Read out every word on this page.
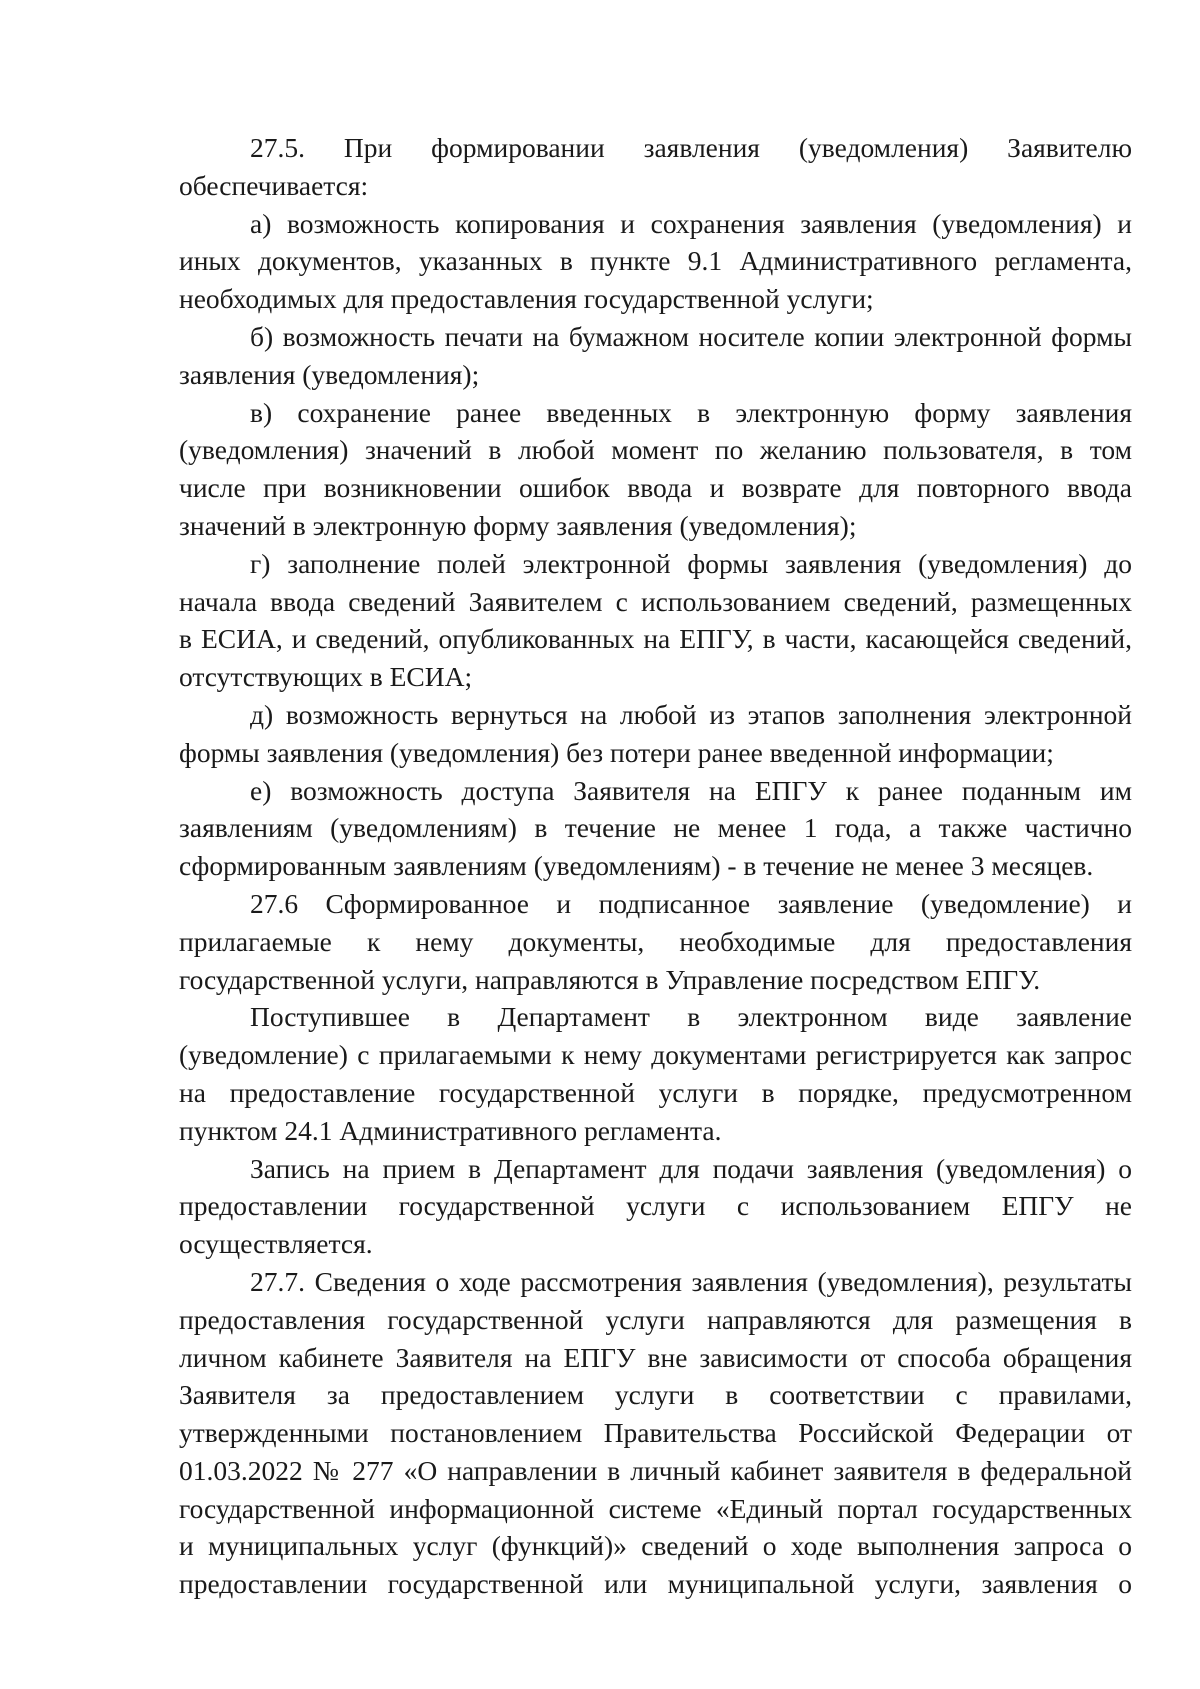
27.5. При формировании заявления (уведомления) Заявителю
обеспечивается:
а) возможность копирования и сохранения заявления (уведомления) и
иных документов, указанных в пункте 9.1 Административного регламента,
необходимых для предоставления государственной услуги;
б) возможность печати на бумажном носителе копии электронной формы
заявления (уведомления);
в) сохранение ранее введенных в электронную форму заявления
(уведомления) значений в любой момент по желанию пользователя, в том
числе при возникновении ошибок ввода и возврате для повторного ввода
значений в электронную форму заявления (уведомления);
г) заполнение полей электронной формы заявления (уведомления) до
начала ввода сведений Заявителем с использованием сведений, размещенных
в ЕСИА, и сведений, опубликованных на ЕПГУ, в части, касающейся сведений,
отсутствующих в ЕСИА;
д) возможность вернуться на любой из этапов заполнения электронной
формы заявления (уведомления) без потери ранее введенной информации;
е) возможность доступа Заявителя на ЕПГУ к ранее поданным им
заявлениям (уведомлениям) в течение не менее 1 года, а также частично
сформированным заявлениям (уведомлениям) - в течение не менее 3 месяцев.
27.6 Сформированное и подписанное заявление (уведомление) и
прилагаемые к нему документы, необходимые для предоставления
государственной услуги, направляются в Управление посредством ЕПГУ.
Поступившее в Департамент в электронном виде заявление
(уведомление) с прилагаемыми к нему документами регистрируется как запрос
на предоставление государственной услуги в порядке, предусмотренном
пунктом 24.1 Административного регламента.
Запись на прием в Департамент для подачи заявления (уведомления) о
предоставлении государственной услуги с использованием ЕПГУ не
осуществляется.
27.7. Сведения о ходе рассмотрения заявления (уведомления), результаты
предоставления государственной услуги направляются для размещения в
личном кабинете Заявителя на ЕПГУ вне зависимости от способа обращения
Заявителя за предоставлением услуги в соответствии с правилами,
утвержденными постановлением Правительства Российской Федерации от
01.03.2022 № 277 «О направлении в личный кабинет заявителя в федеральной
государственной информационной системе «Единый портал государственных
и муниципальных услуг (функций)» сведений о ходе выполнения запроса о
предоставлении государственной или муниципальной услуги, заявления о
